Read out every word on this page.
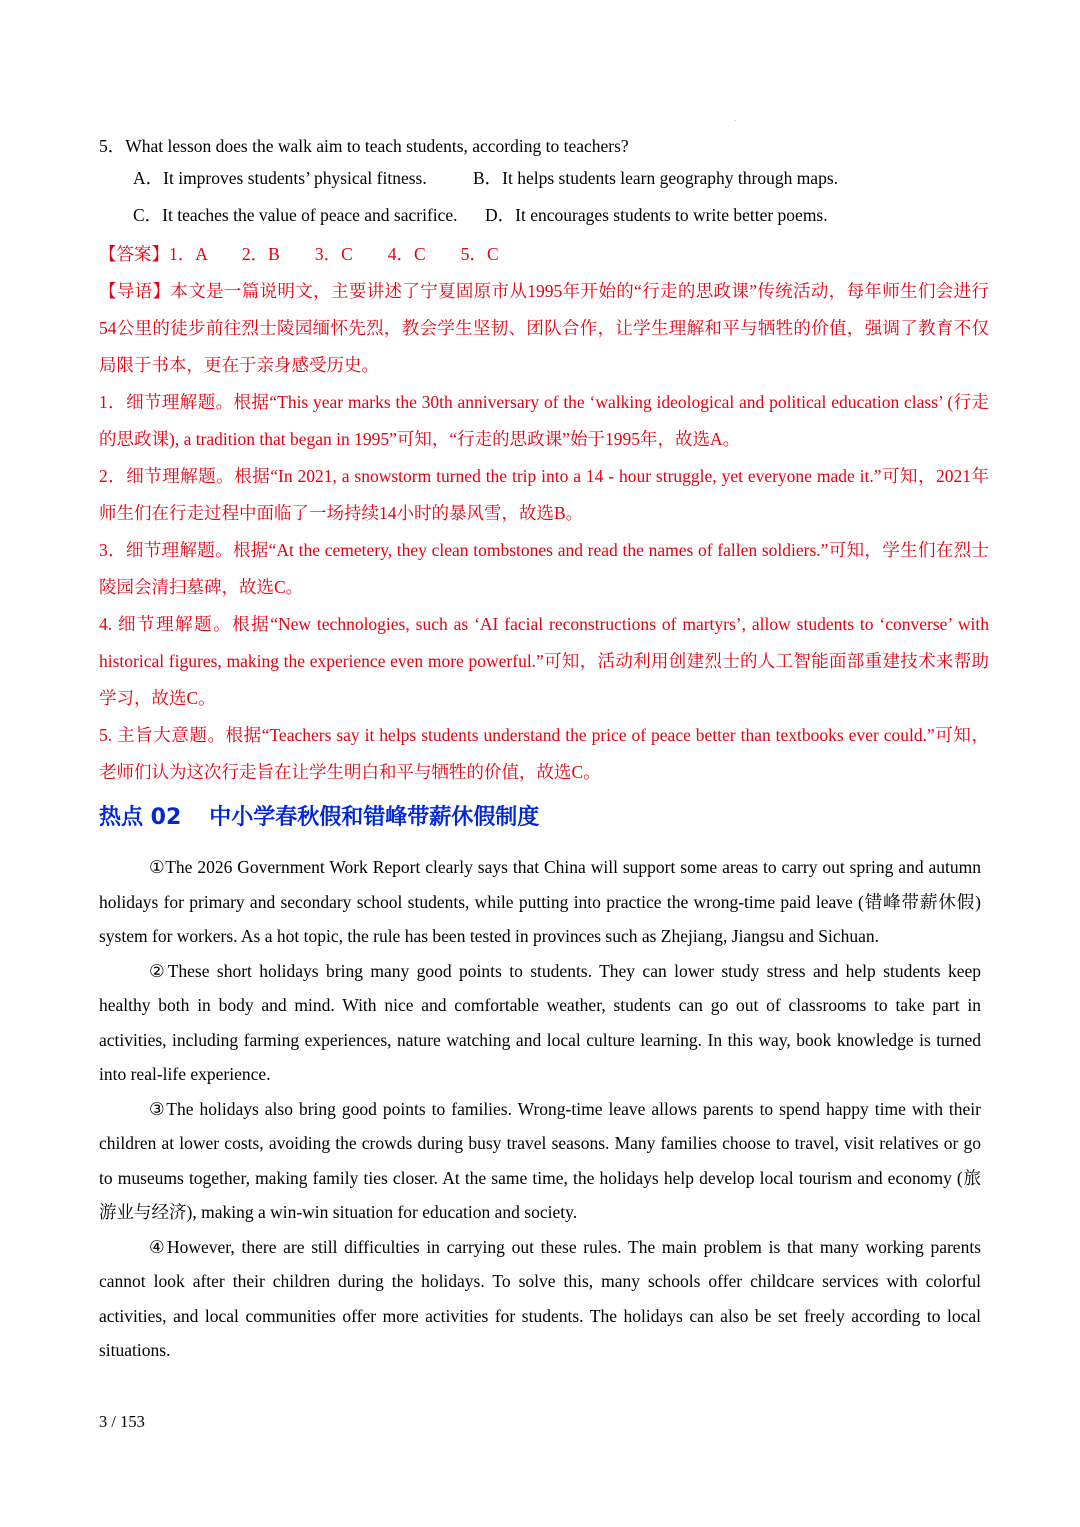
.
5．What lesson does the walk aim to teach students, according to teachers?
A．It improves students’ physical fitness.	B．It helps students learn geography through maps.
C．It teaches the value of peace and sacrifice. D．It encourages students to write better poems.
【答案】1．A　　2．B　　3．C　　4．C　　5．C
【导语】本文是一篇说明文，主要讲述了宁夏固原市从1995年开始的“行走的思政课”传统活动，每年师生们会进行54公里的徒步前往烈士陵园缅怀先烈，教会学生坚韧、团队合作，让学生理解和平与牺牲的价值，强调了教育不仅局限于书本，更在于亲身感受历史。
1．细节理解题。根据“This year marks the 30th anniversary of the ‘walking ideological and political education class’ (行走的思政课), a tradition that began in 1995”可知，“行走的思政课”始于1995年，故选A。
2．细节理解题。根据“In 2021, a snowstorm turned the trip into a 14 - hour struggle, yet everyone made it.”可知，2021年师生们在行走过程中面临了一场持续14小时的暴风雪，故选B。
3．细节理解题。根据“At the cemetery, they clean tombstones and read the names of fallen soldiers.”可知，学生们在烈士陵园会清扫墓碑，故选C。
4. 细节理解题。根据“New technologies, such as ‘AI facial reconstructions of martyrs’, allow students to ‘converse’ with historical figures, making the experience even more powerful.”可知，活动利用创建烈士的人工智能面部重建技术来帮助学习，故选C。
5. 主旨大意题。根据“Teachers say it helps students understand the price of peace better than textbooks ever could.”可知，老师们认为这次行走旨在让学生明白和平与牺牲的价值，故选C。
热点 02 中小学春秋假和错峰带薪休假制度

①The 2026 Government Work Report clearly says that China will support some areas to carry out spring and autumn holidays for primary and secondary school students, while putting into practice the wrong-time paid leave (错峰带薪休假) system for workers. As a hot topic, the rule has been tested in provinces such as Zhejiang, Jiangsu and Sichuan.

②These short holidays bring many good points to students. They can lower study stress and help students keep healthy both in body and mind. With nice and comfortable weather, students can go out of classrooms to take part in activities, including farming experiences, nature watching and local culture learning. In this way, book knowledge is turned into real-life experience.

③The holidays also bring good points to families. Wrong-time leave allows parents to spend happy time with their children at lower costs, avoiding the crowds during busy travel seasons. Many families choose to travel, visit relatives or go to museums together, making family ties closer. At the same time, the holidays help develop local tourism and economy (旅游业与经济), making a win-win situation for education and society.

④However, there are still difficulties in carrying out these rules. The main problem is that many working parents cannot look after their children during the holidays. To solve this, many schools offer childcare services with colorful activities, and local communities offer more activities for students. The holidays can also be set freely according to local situations.

3 / 153
